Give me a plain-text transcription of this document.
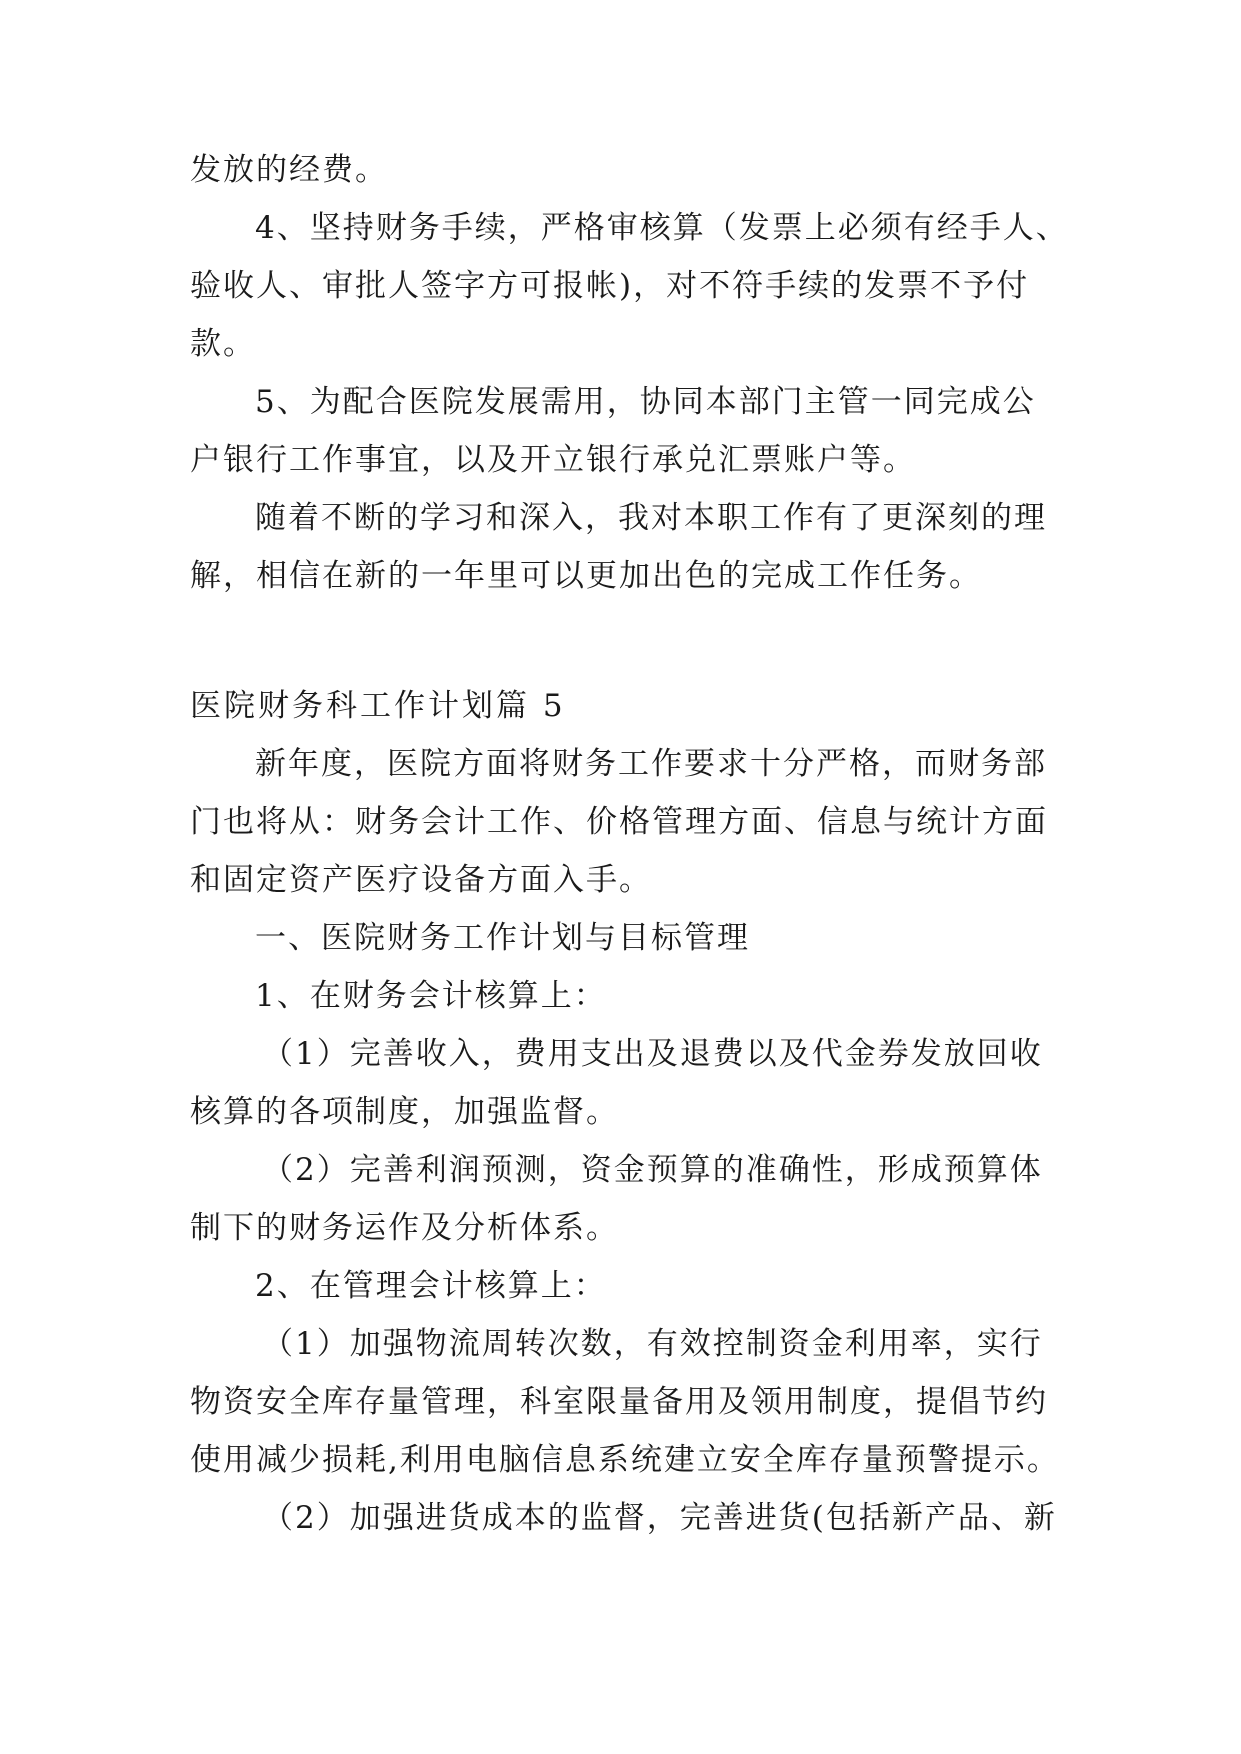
发放的经费。
4、坚持财务手续，严格审核算（发票上必须有经手人、
验收人、审批人签字方可报帐)，对不符手续的发票不予付
款。
5、为配合医院发展需用，协同本部门主管一同完成公
户银行工作事宜，以及开立银行承兑汇票账户等。
随着不断的学习和深入，我对本职工作有了更深刻的理
解，相信在新的一年里可以更加出色的完成工作任务。
医院财务科工作计划篇 5
新年度，医院方面将财务工作要求十分严格，而财务部
门也将从：财务会计工作、价格管理方面、信息与统计方面
和固定资产医疗设备方面入手。
一、医院财务工作计划与目标管理
1、在财务会计核算上：
（1）完善收入，费用支出及退费以及代金券发放回收
核算的各项制度，加强监督。
（2）完善利润预测，资金预算的准确性，形成预算体
制下的财务运作及分析体系。
2、在管理会计核算上：
（1）加强物流周转次数，有效控制资金利用率，实行
物资安全库存量管理，科室限量备用及领用制度，提倡节约
使用减少损耗,利用电脑信息系统建立安全库存量预警提示。
（2）加强进货成本的监督，完善进货(包括新产品、新
